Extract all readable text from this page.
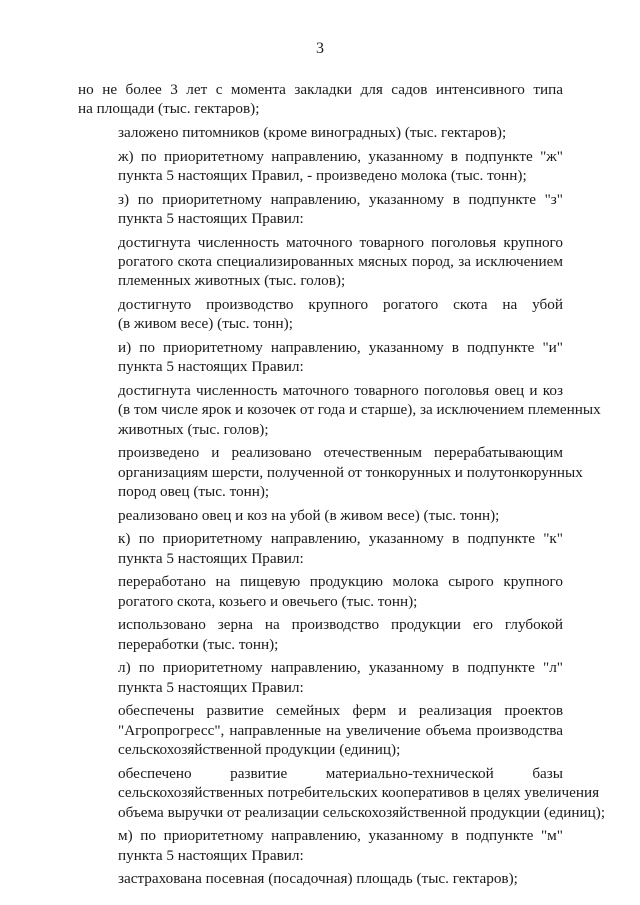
3
но не более 3 лет с момента закладки для садов интенсивного типа
на площади (тыс. гектаров);
заложено питомников (кроме виноградных) (тыс. гектаров);
ж) по приоритетному направлению, указанному в подпункте "ж"
пункта 5 настоящих Правил, - произведено молока (тыс. тонн);
з) по приоритетному направлению, указанному в подпункте "з"
пункта 5 настоящих Правил:
достигнута численность маточного товарного поголовья крупного
рогатого скота специализированных мясных пород, за исключением
племенных животных (тыс. голов);
достигнуто производство крупного рогатого скота на убой
(в живом весе) (тыс. тонн);
и) по приоритетному направлению, указанному в подпункте "и"
пункта 5 настоящих Правил:
достигнута численность маточного товарного поголовья овец и коз
(в том числе ярок и козочек от года и старше), за исключением племенных
животных (тыс. голов);
произведено и реализовано отечественным перерабатывающим
организациям шерсти, полученной от тонкорунных и полутонкорунных
пород овец (тыс. тонн);
реализовано овец и коз на убой (в живом весе) (тыс. тонн);
к) по приоритетному направлению, указанному в подпункте "к"
пункта 5 настоящих Правил:
переработано на пищевую продукцию молока сырого крупного
рогатого скота, козьего и овечьего (тыс. тонн);
использовано зерна на производство продукции его глубокой
переработки (тыс. тонн);
л) по приоритетному направлению, указанному в подпункте "л"
пункта 5 настоящих Правил:
обеспечены развитие семейных ферм и реализация проектов
"Агропрогресс", направленные на увеличение объема производства
сельскохозяйственной продукции (единиц);
обеспечено развитие материально-технической базы
сельскохозяйственных потребительских кооперативов в целях увеличения
объема выручки от реализации сельскохозяйственной продукции (единиц);
м) по приоритетному направлению, указанному в подпункте "м"
пункта 5 настоящих Правил:
застрахована посевная (посадочная) площадь (тыс. гектаров);
